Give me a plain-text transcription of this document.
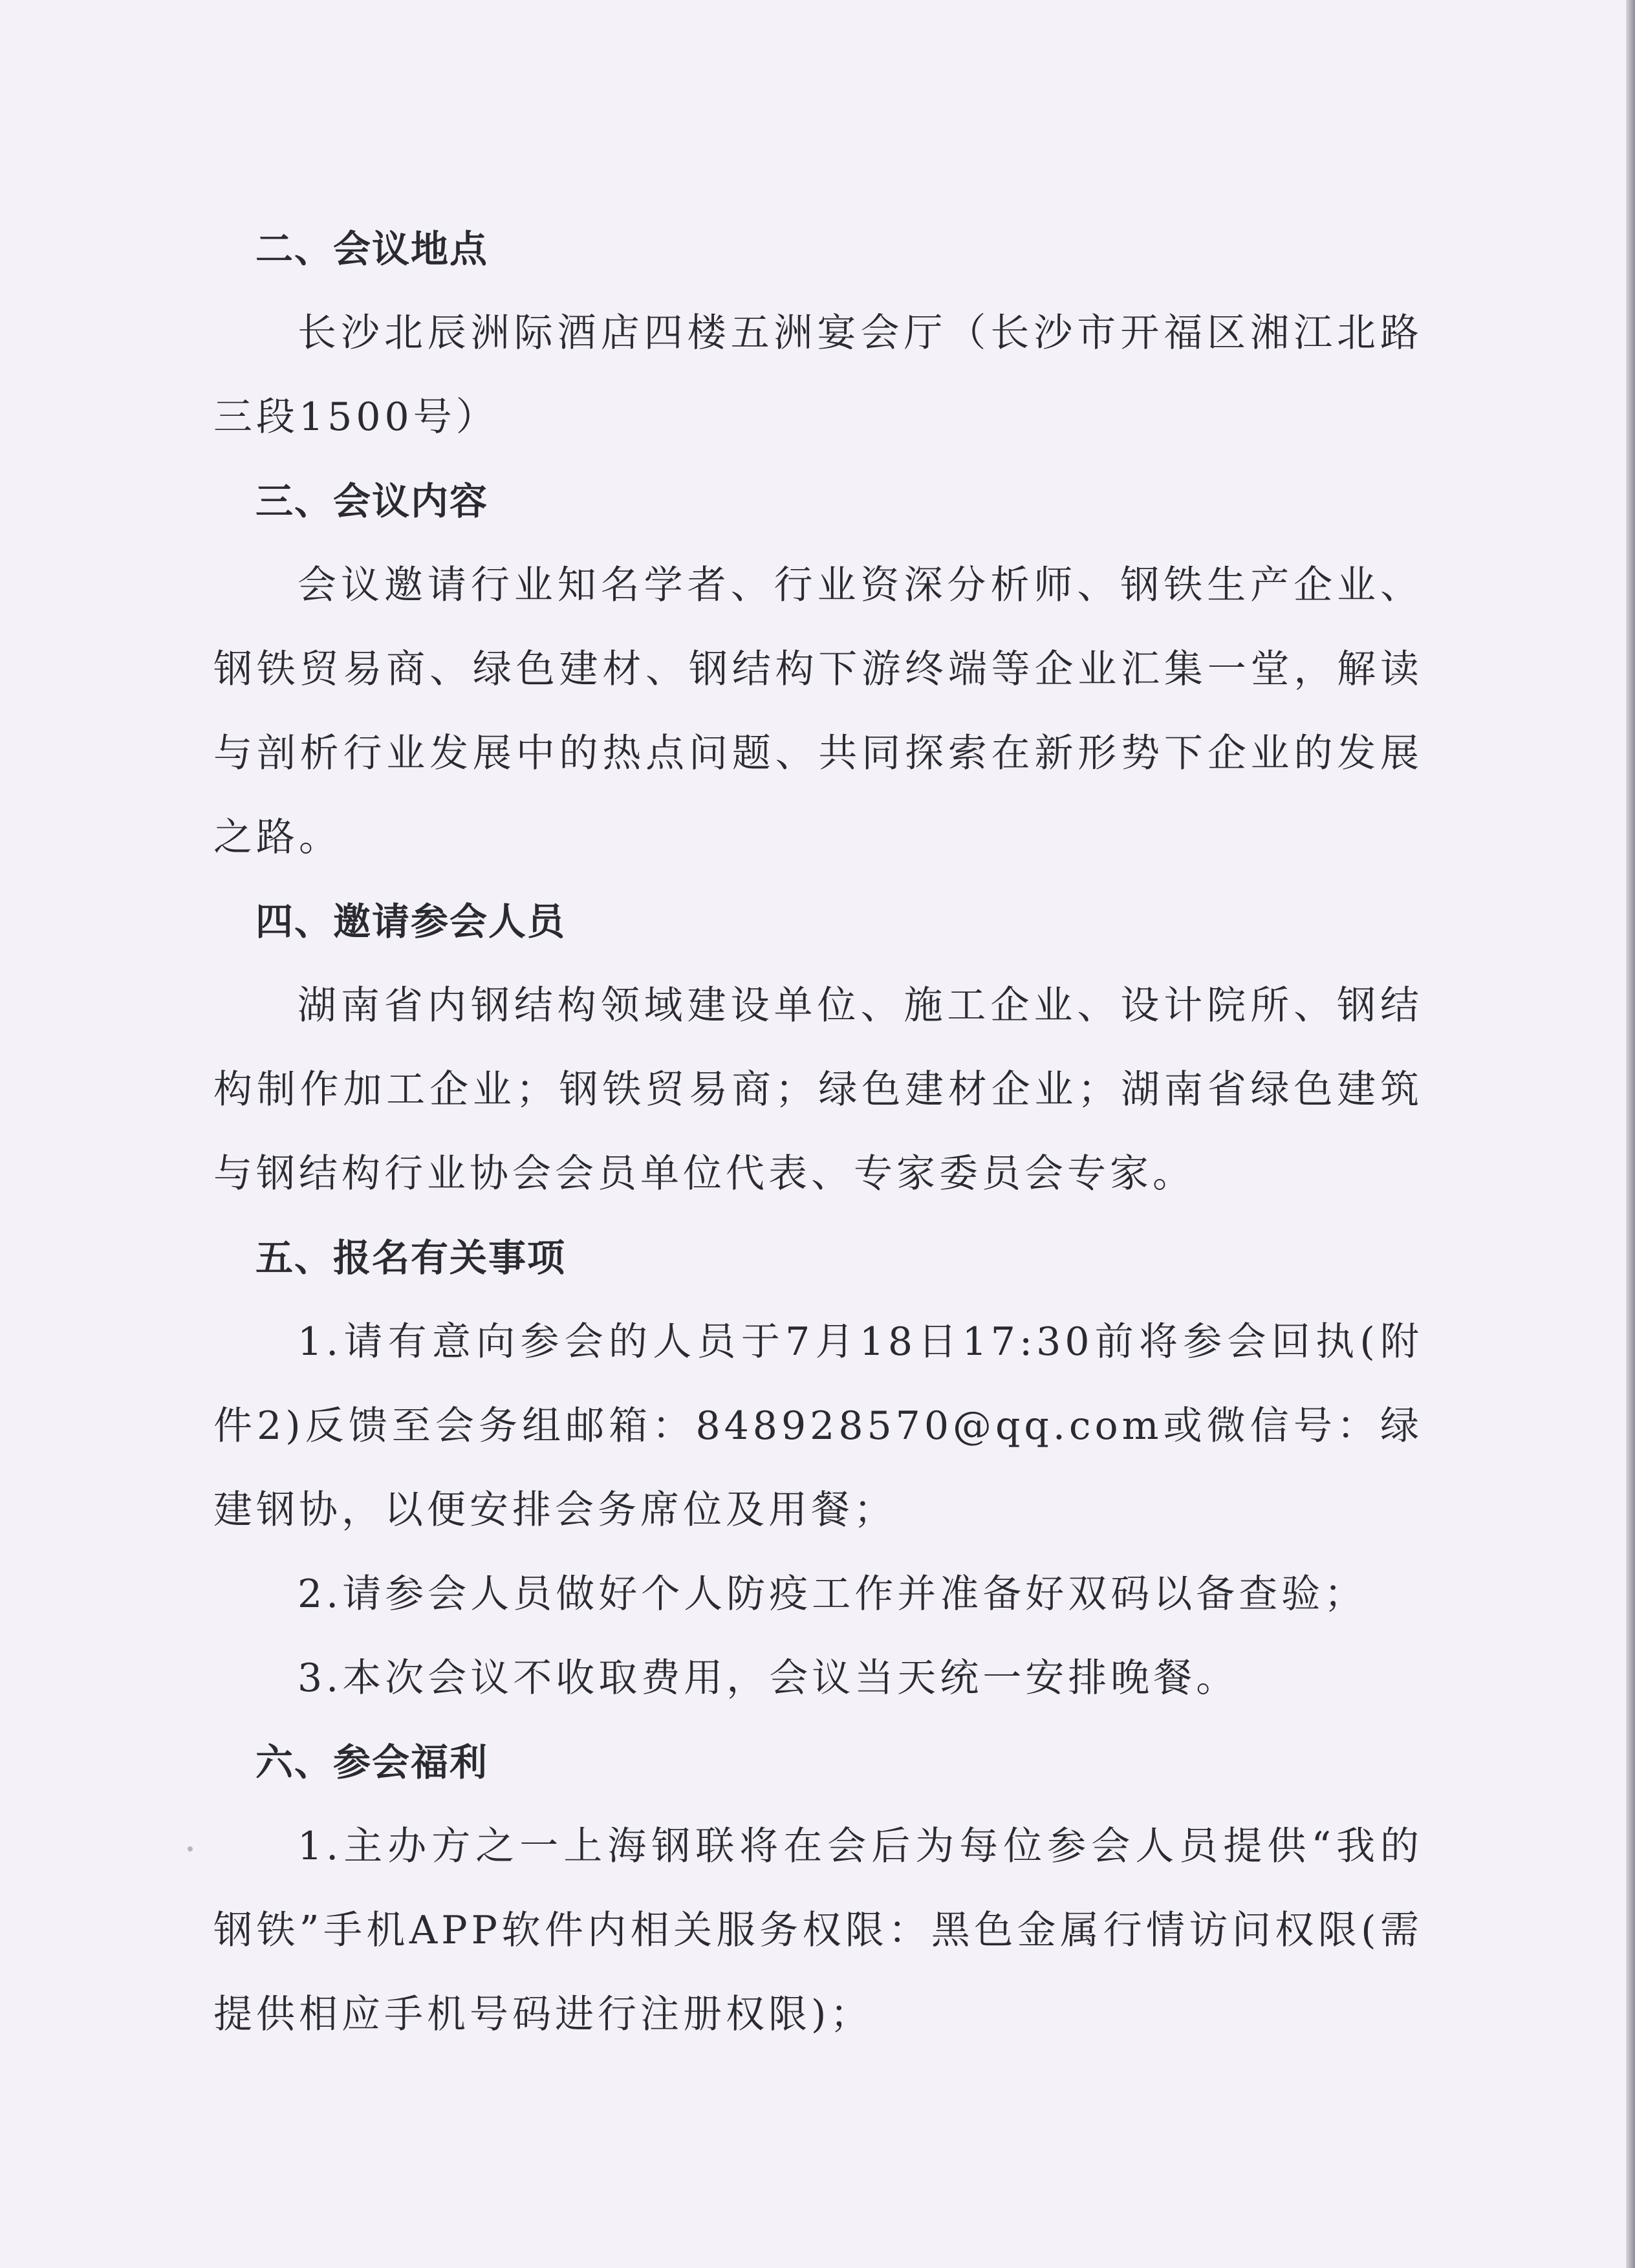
二、会议地点

长沙北辰洲际酒店四楼五洲宴会厅（长沙市开福区湘江北路三段1500号）

三、会议内容

会议邀请行业知名学者、行业资深分析师、钢铁生产企业、钢铁贸易商、绿色建材、钢结构下游终端等企业汇集一堂，解读与剖析行业发展中的热点问题、共同探索在新形势下企业的发展之路。

四、邀请参会人员

湖南省内钢结构领域建设单位、施工企业、设计院所、钢结构制作加工企业；钢铁贸易商；绿色建材企业；湖南省绿色建筑与钢结构行业协会会员单位代表、专家委员会专家。

五、报名有关事项

1.请有意向参会的人员于7月18日17:30前将参会回执(附件2)反馈至会务组邮箱：848928570@qq.com或微信号：绿建钢协，以便安排会务席位及用餐；

2.请参会人员做好个人防疫工作并准备好双码以备查验；

3.本次会议不收取费用，会议当天统一安排晚餐。

六、参会福利

1.主办方之一上海钢联将在会后为每位参会人员提供“我的钢铁”手机APP软件内相关服务权限：黑色金属行情访问权限(需提供相应手机号码进行注册权限)；
